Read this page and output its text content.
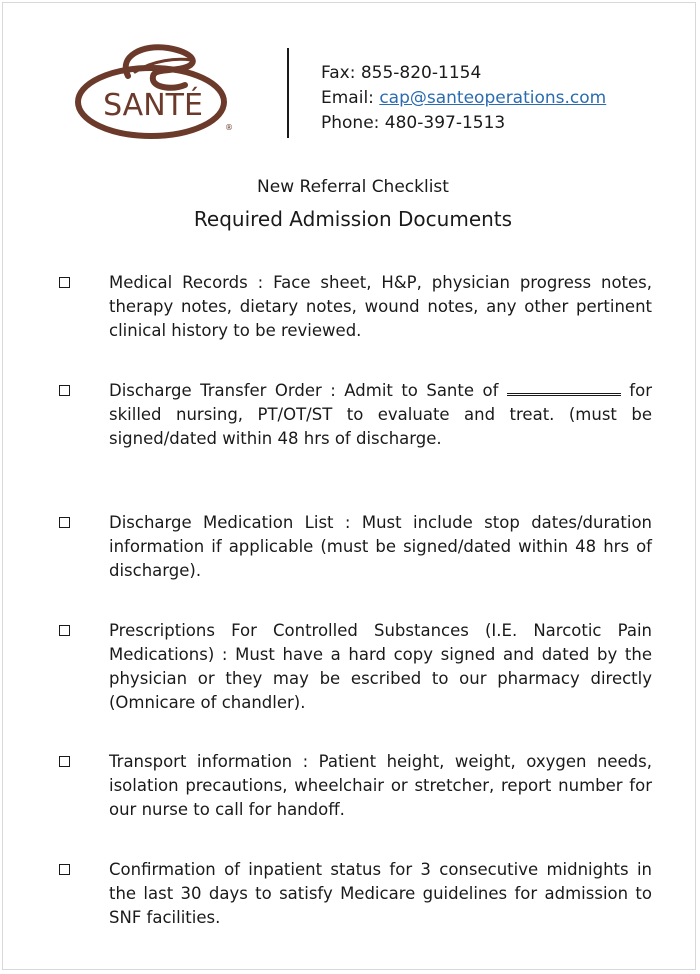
SANTÉ
®
Fax: 855-820-1154
Email: cap@santeoperations.com
Phone: 480-397-1513
New Referral Checklist
Required Admission Documents
Medical Records : Face sheet, H&P, physician progress notes, therapy notes, dietary notes, wound notes, any other pertinent clinical history to be reviewed.
Discharge Transfer Order : Admit to Sante of	for skilled nursing, PT/OT/ST to evaluate and treat. (must be signed/dated within 48 hrs of discharge.
Discharge Medication List : Must include stop dates/duration information if applicable (must be signed/dated within 48 hrs of discharge).
Prescriptions For Controlled Substances (I.E. Narcotic Pain Medications) : Must have a hard copy signed and dated by the physician or they may be escribed to our pharmacy directly (Omnicare of chandler).
Transport information : Patient height, weight, oxygen needs, isolation precautions, wheelchair or stretcher, report number for our nurse to call for handoff.
Confirmation of inpatient status for 3 consecutive midnights in the last 30 days to satisfy Medicare guidelines for admission to SNF facilities.
